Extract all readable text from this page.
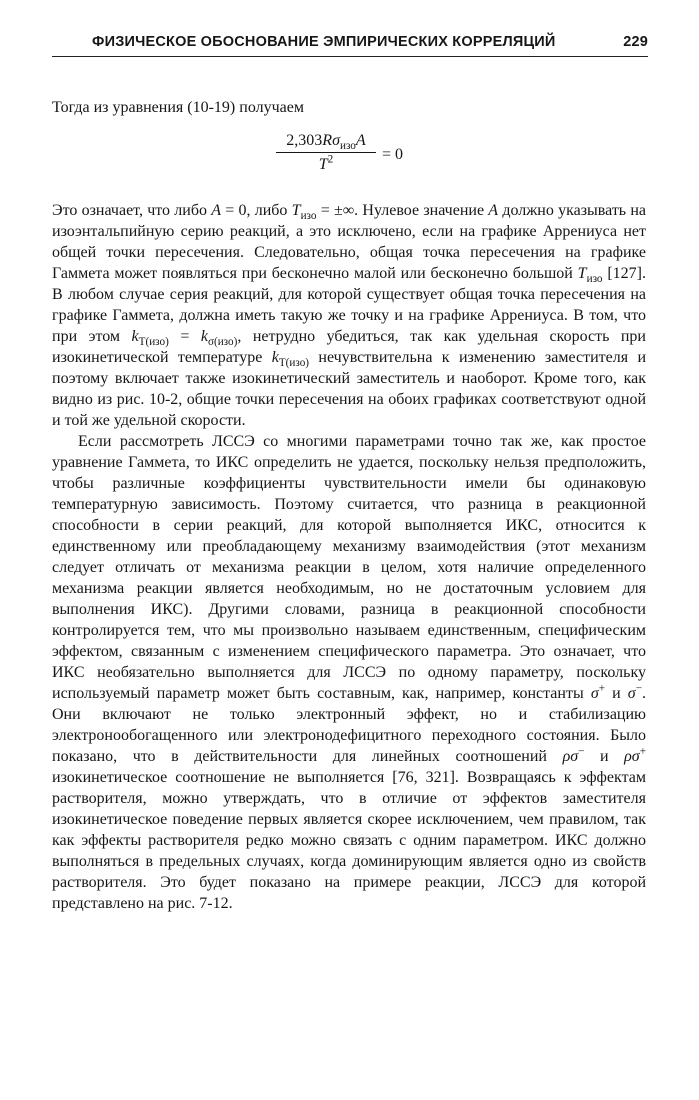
ФИЗИЧЕСКОЕ ОБОСНОВАНИЕ ЭМПИРИЧЕСКИХ КОРРЕЛЯЦИЙ	229
Тогда из уравнения (10-19) получаем
$2,303R\sigma_{изо}A$
$T^2$	= 0

Это означает, что либо A = 0, либо $T_{изо}$ = ±∞. Нулевое значение A должно указывать на изоэнтальпийную серию реакций, а это исключено, если на графике Аррениуса нет общей точки пересечения. Следовательно, общая точка пересечения на графике Гаммета может появляться при бесконечно малой или бесконечно большой $T_{изо}$ [127]. В любом случае серия реакций, для которой существует общая точка пересечения на графике Гаммета, должна иметь такую же точку и на графике Аррениуса. В том, что при этом $k_{T(изо)} = k_{\sigma(изо)}$, нетрудно убедиться, так как удельная скорость при изокинетической температуре $k_{T(изо)}$ нечувствительна к изменению заместителя и поэтому включает также изокинетический заместитель и наоборот. Кроме того, как видно из рис. 10-2, общие точки пересечения на обоих графиках соответствуют одной и той же удельной скорости.

Если рассмотреть ЛССЭ со многими параметрами точно так же, как простое уравнение Гаммета, то ИКС определить не удается, поскольку нельзя предположить, чтобы различные коэффициенты чувствительности имели бы одинаковую температурную зависимость. Поэтому считается, что разница в реакционной способности в серии реакций, для которой выполняется ИКС, относится к единственному или преобладающему механизму взаимодействия (этот механизм следует отличать от механизма реакции в целом, хотя наличие определенного механизма реакции является необходимым, но не достаточным условием для выполнения ИКС). Другими словами, разница в реакционной способности контролируется тем, что мы произвольно называем единственным, специфическим эффектом, связанным с изменением специфического параметра. Это означает, что ИКС необязательно выполняется для ЛССЭ по одному параметру, поскольку используемый параметр может быть составным, как, например, константы σ+ и σ−. Они включают не только электронный эффект, но и стабилизацию электронообогащенного или электронодефицитного переходного состояния. Было показано, что в действительности для линейных соотношений ρσ− и ρσ+ изокинетическое соотношение не выполняется [76, 321]. Возвращаясь к эффектам растворителя, можно утверждать, что в отличие от эффектов заместителя изокинетическое поведение первых является скорее исключением, чем правилом, так как эффекты растворителя редко можно связать с одним параметром. ИКС должно выполняться в предельных случаях, когда доминирующим является одно из свойств растворителя. Это будет показано на примере реакции, ЛССЭ для которой представлено на рис. 7-12.
